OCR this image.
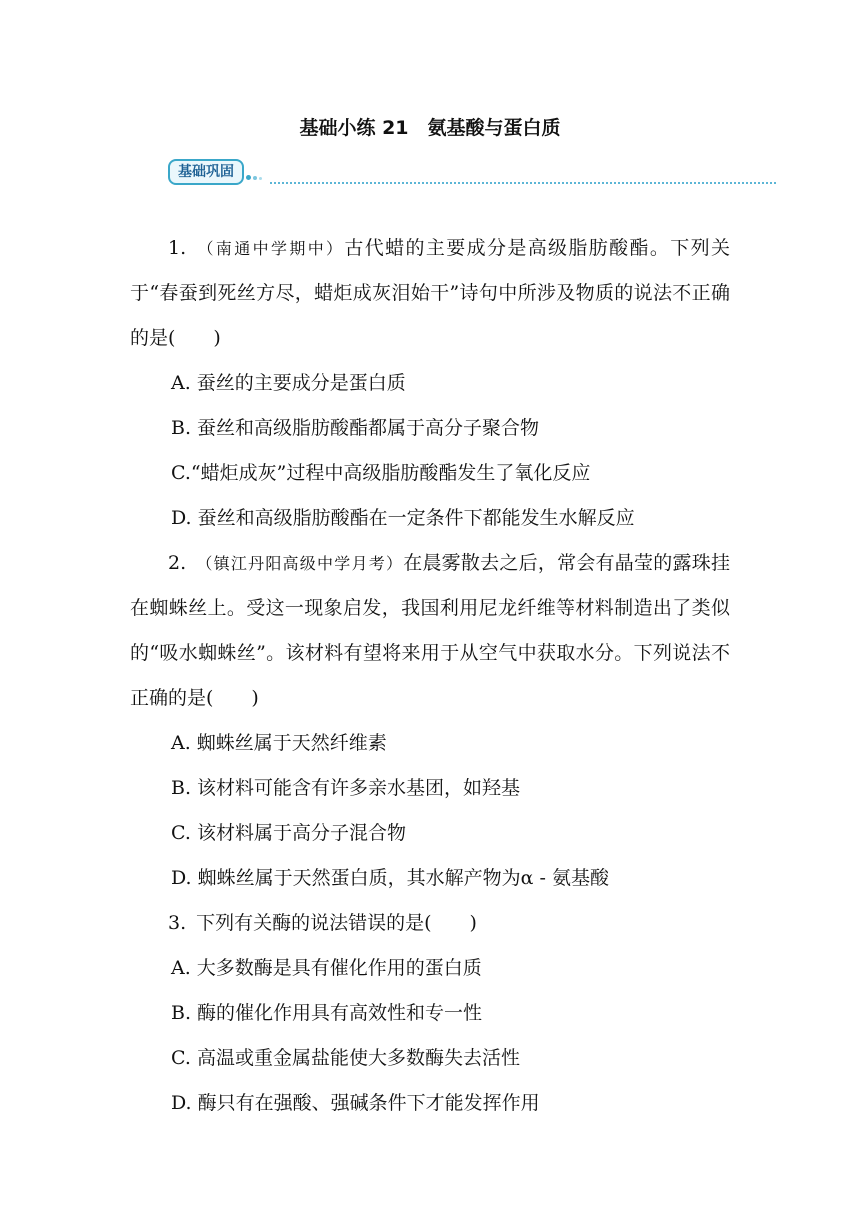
基础小练 21　氨基酸与蛋白质
基础巩固

1. （南通中学期中）古代蜡的主要成分是高级脂肪酸酯。下列关于“春蚕到死丝方尽，蜡炬成灰泪始干”诗句中所涉及物质的说法不正确的是(　　)

A. 蚕丝的主要成分是蛋白质

B. 蚕丝和高级脂肪酸酯都属于高分子聚合物

C.“蜡炬成灰”过程中高级脂肪酸酯发生了氧化反应

D. 蚕丝和高级脂肪酸酯在一定条件下都能发生水解反应

2. （镇江丹阳高级中学月考）在晨雾散去之后，常会有晶莹的露珠挂在蜘蛛丝上。受这一现象启发，我国利用尼龙纤维等材料制造出了类似的“吸水蜘蛛丝”。该材料有望将来用于从空气中获取水分。下列说法不正确的是(　　)

A. 蜘蛛丝属于天然纤维素

B. 该材料可能含有许多亲水基团，如羟基

C. 该材料属于高分子混合物

D. 蜘蛛丝属于天然蛋白质，其水解产物为α - 氨基酸

3. 下列有关酶的说法错误的是(　　)

A. 大多数酶是具有催化作用的蛋白质

B. 酶的催化作用具有高效性和专一性

C. 高温或重金属盐能使大多数酶失去活性

D. 酶只有在强酸、强碱条件下才能发挥作用
